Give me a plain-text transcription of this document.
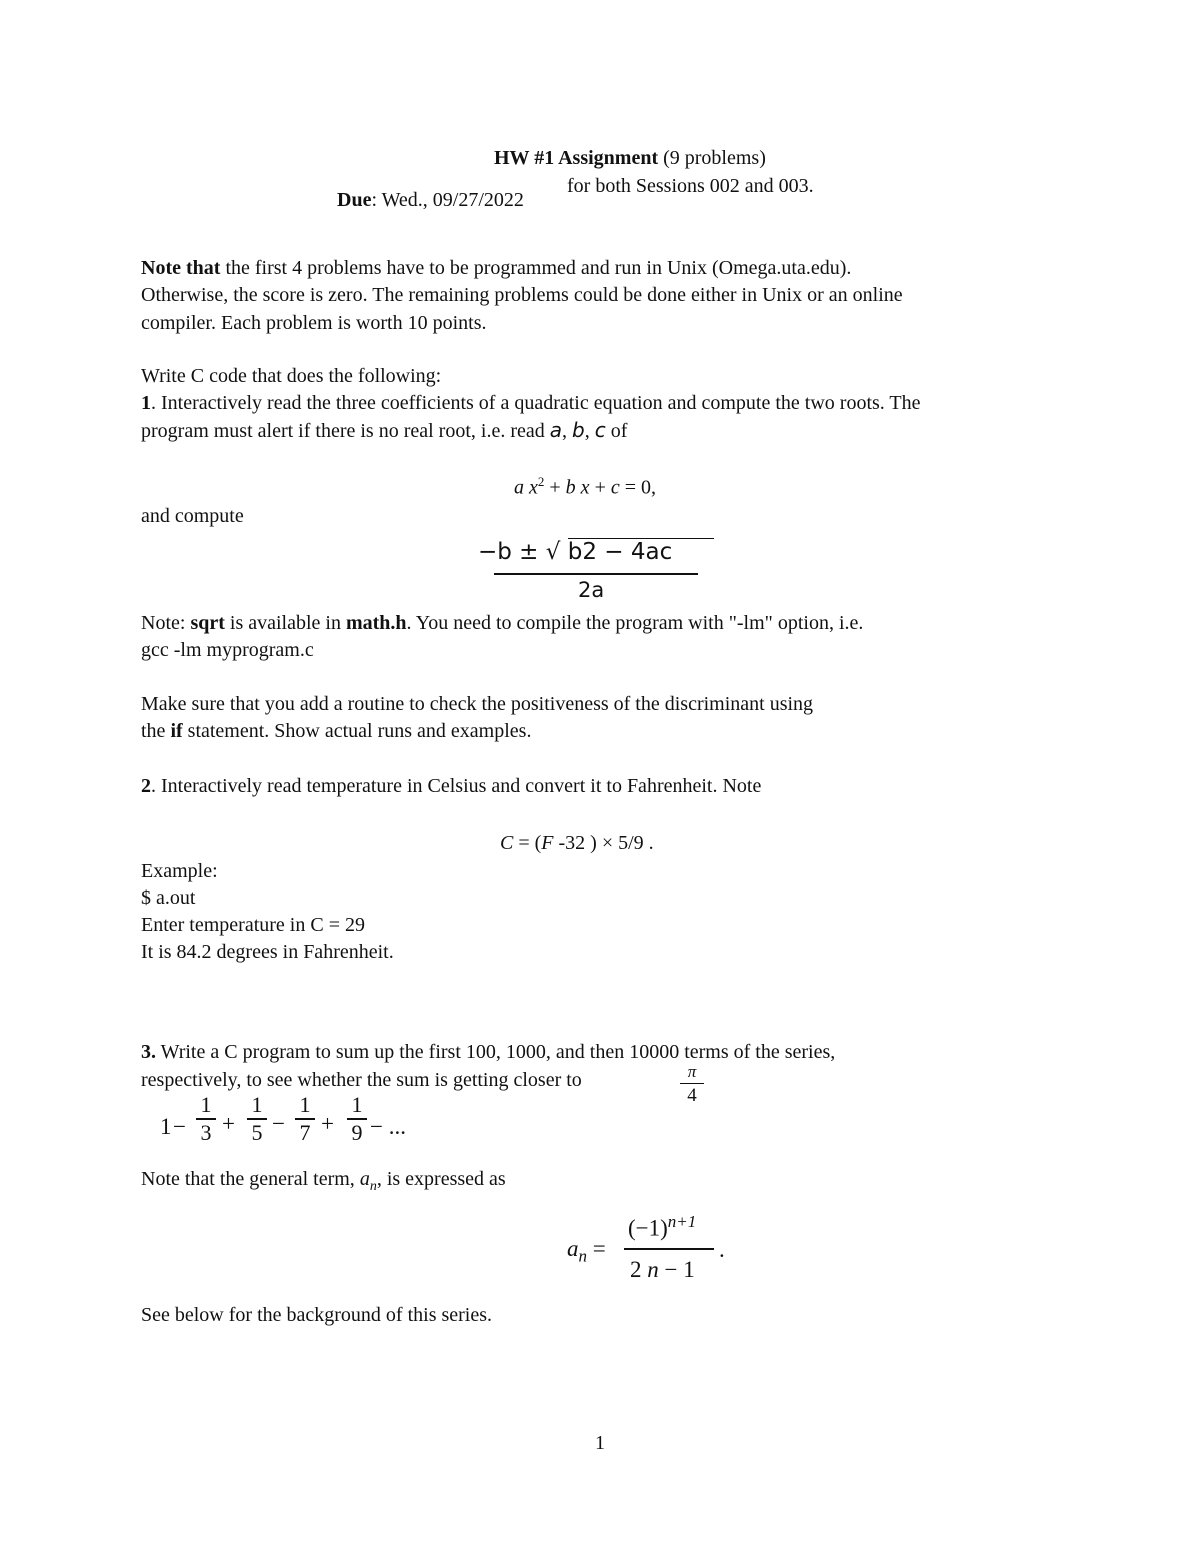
HW #1 Assignment (9 problems)
Due: Wed., 09/27/2022
for both Sessions 002 and 003.
Note that the first 4 problems have to be programmed and run in Unix (Omega.uta.edu).
Otherwise, the score is zero. The remaining problems could be done either in Unix or an online
compiler. Each problem is worth 10 points.
Write C code that does the following:
1. Interactively read the three coefficients of a quadratic equation and compute the two roots. The
program must alert if there is no real root, i.e. read a, b, c of
a $x^2 + b$ x + c = 0,
and compute
−b ± √ b2 − 4ac
2a
Note: sqrt is available in math.h. You need to compile the program with "-lm" option, i.e.
gcc -lm myprogram.c
Make sure that you add a routine to check the positiveness of the discriminant using
the if statement. Show actual runs and examples.
2. Interactively read temperature in Celsius and convert it to Fahrenheit. Note
C = (F -32 ) × 5/9 .
Example:
$ a.out
Enter temperature in C = 29
It is 84.2 degrees in Fahrenheit.
3. Write a C program to sum up the first 100, 1000, and then 10000 terms of the series,
respectively, to see whether the sum is getting closer to	π
4
1 −
1
3 +
1
5 −
1
7 +
1
9 − ...
Note that the general term, $a_n$, is expressed as
$a_n$ =
$(-1)^{n+1}$
2 n − 1
.
See below for the background of this series.
1
